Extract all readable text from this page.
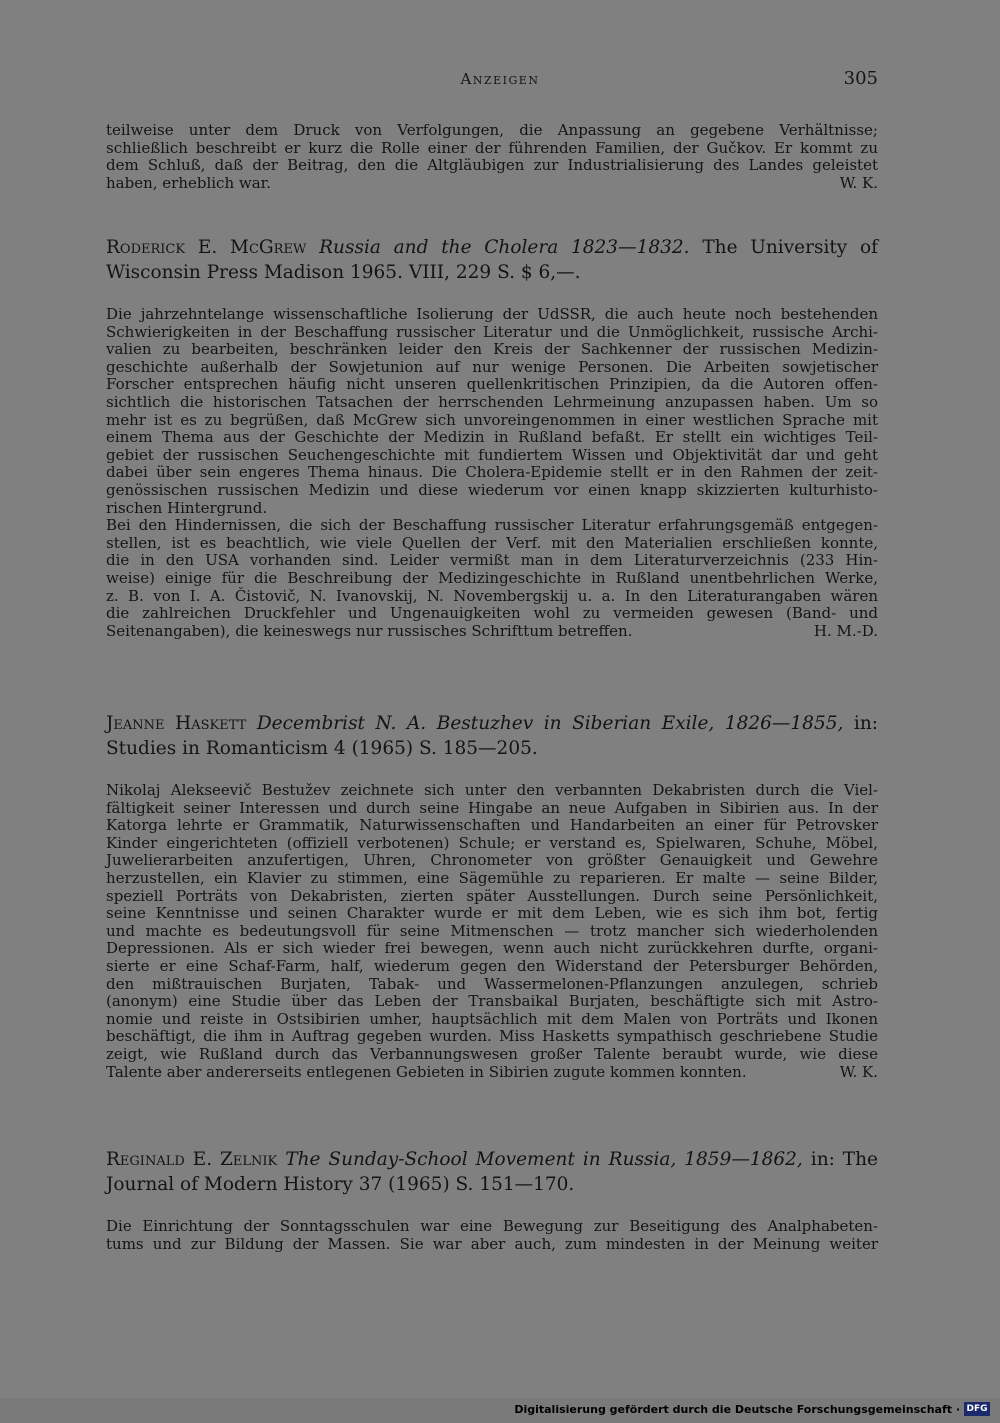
Anzeigen	305

teilweise unter dem Druck von Verfolgungen, die Anpassung an gegebene Verhältnisse;

schließlich beschreibt er kurz die Rolle einer der führenden Familien, der Gučkov. Er kommt zu

dem Schluß, daß der Beitrag, den die Altgläubigen zur Industrialisierung des Landes geleistet

haben, erheblich war.	W. K.

Roderick E. McGrew Russia and the Cholera 1823—1832. The University of

Wisconsin Press Madison 1965. VIII, 229 S. $ 6,—.

Die jahrzehntelange wissenschaftliche Isolierung der UdSSR, die auch heute noch bestehenden

Schwierigkeiten in der Beschaffung russischer Literatur und die Unmöglichkeit, russische Archi-

valien zu bearbeiten, beschränken leider den Kreis der Sachkenner der russischen Medizin-

geschichte außerhalb der Sowjetunion auf nur wenige Personen. Die Arbeiten sowjetischer

Forscher entsprechen häufig nicht unseren quellenkritischen Prinzipien, da die Autoren offen-

sichtlich die historischen Tatsachen der herrschenden Lehrmeinung anzupassen haben. Um so

mehr ist es zu begrüßen, daß McGrew sich unvoreingenommen in einer westlichen Sprache mit

einem Thema aus der Geschichte der Medizin in Rußland befaßt. Er stellt ein wichtiges Teil-

gebiet der russischen Seuchengeschichte mit fundiertem Wissen und Objektivität dar und geht

dabei über sein engeres Thema hinaus. Die Cholera-Epidemie stellt er in den Rahmen der zeit-

genössischen russischen Medizin und diese wiederum vor einen knapp skizzierten kulturhisto-

rischen Hintergrund.

Bei den Hindernissen, die sich der Beschaffung russischer Literatur erfahrungsgemäß entgegen-

stellen, ist es beachtlich, wie viele Quellen der Verf. mit den Materialien erschließen konnte,

die in den USA vorhanden sind. Leider vermißt man in dem Literaturverzeichnis (233 Hin-

weise) einige für die Beschreibung der Medizingeschichte in Rußland unentbehrlichen Werke,

z. B. von I. A. Čistovič, N. Ivanovskij, N. Novembergskij u. a. In den Literaturangaben wären

die zahlreichen Druckfehler und Ungenauigkeiten wohl zu vermeiden gewesen (Band- und

Seitenangaben), die keineswegs nur russisches Schrifttum betreffen.	H. M.-D.

Jeanne Haskett Decembrist N. A. Bestuzhev in Siberian Exile, 1826—1855, in:

Studies in Romanticism 4 (1965) S. 185—205.

Nikolaj Alekseevič Bestužev zeichnete sich unter den verbannten Dekabristen durch die Viel-

fältigkeit seiner Interessen und durch seine Hingabe an neue Aufgaben in Sibirien aus. In der

Katorga lehrte er Grammatik, Naturwissenschaften und Handarbeiten an einer für Petrovsker

Kinder eingerichteten (offiziell verbotenen) Schule; er verstand es, Spielwaren, Schuhe, Möbel,

Juwelierarbeiten anzufertigen, Uhren, Chronometer von größter Genauigkeit und Gewehre

herzustellen, ein Klavier zu stimmen, eine Sägemühle zu reparieren. Er malte — seine Bilder,

speziell Porträts von Dekabristen, zierten später Ausstellungen. Durch seine Persönlichkeit,

seine Kenntnisse und seinen Charakter wurde er mit dem Leben, wie es sich ihm bot, fertig

und machte es bedeutungsvoll für seine Mitmenschen — trotz mancher sich wiederholenden

Depressionen. Als er sich wieder frei bewegen, wenn auch nicht zurückkehren durfte, organi-

sierte er eine Schaf-Farm, half, wiederum gegen den Widerstand der Petersburger Behörden,

den mißtrauischen Burjaten, Tabak- und Wassermelonen-Pflanzungen anzulegen, schrieb

(anonym) eine Studie über das Leben der Transbaikal Burjaten, beschäftigte sich mit Astro-

nomie und reiste in Ostsibirien umher, hauptsächlich mit dem Malen von Porträts und Ikonen

beschäftigt, die ihm in Auftrag gegeben wurden. Miss Hasketts sympathisch geschriebene Studie

zeigt, wie Rußland durch das Verbannungswesen großer Talente beraubt wurde, wie diese

Talente aber andererseits entlegenen Gebieten in Sibirien zugute kommen konnten.	W. K.

Reginald E. Zelnik The Sunday-School Movement in Russia, 1859—1862, in: The

Journal of Modern History 37 (1965) S. 151—170.

Die Einrichtung der Sonntagsschulen war eine Bewegung zur Beseitigung des Analphabeten-

tums und zur Bildung der Massen. Sie war aber auch, zum mindesten in der Meinung weiter

Digitalisierung gefördert durch die Deutsche Forschungsgemeinschaft · DFG
